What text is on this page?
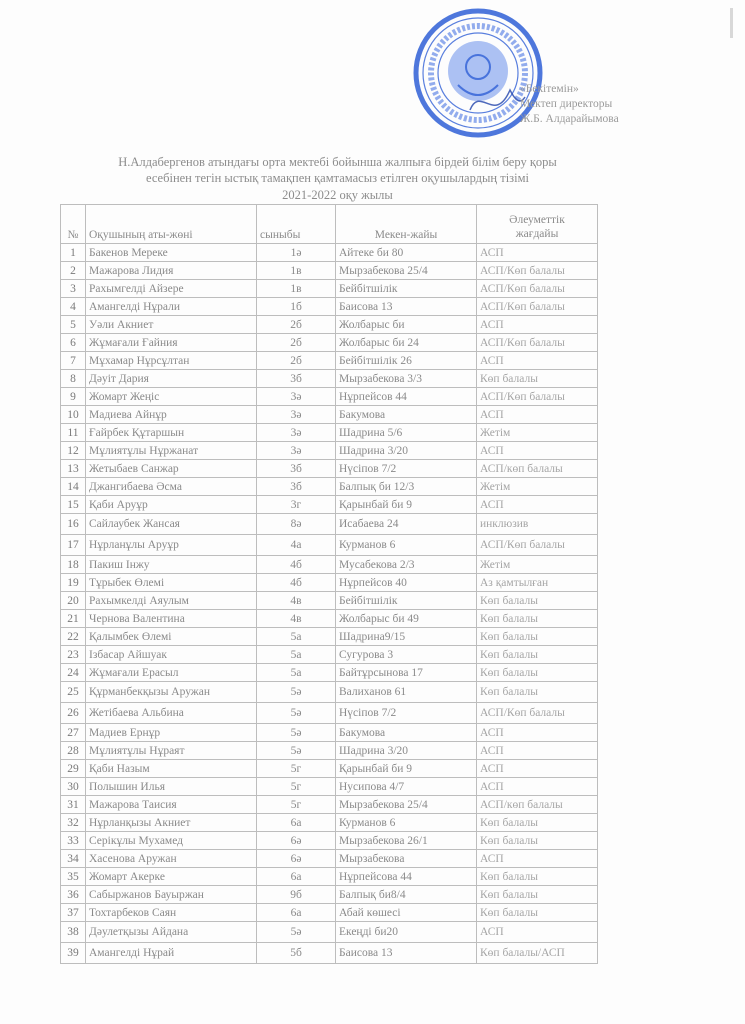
«Бекітемін»
Мектеп директоры
Ж.Б. Алдарайымова
Н.Алдабергенов атындағы орта мектебі бойынша жалпыға бірдей білім беру қоры
есебінен тегін ыстық тамақпен қамтамасыз етілген оқушылардың тізімі
2021-2022 оқу жылы
№	Оқушының аты-жөні	сыныбы	Мекен-жайы	Әлеуметтік
жағдайы

1	Бакенов Мереке	1ә	Айтеке би 80	АСП
2	Мажарова Лидия	1в	Мырзабекова 25/4	АСП/Көп балалы
3	Рахымгелді Айзере	1в	Бейбітшілік	АСП/Көп балалы
4	Амангелді Нұрали	1б	Баисова 13	АСП/Көп балалы
5	Уәли Акниет	2б	Жолбарыс би	АСП
6	Жұмағали Ғайния	2б	Жолбарыс би 24	АСП/Көп балалы
7	Мұхамар Нұрсұлтан	2б	Бейбітшілік 26	АСП
8	Дәуіт Дария	3б	Мырзабекова 3/3	Көп балалы
9	Жомарт Жеңіс	3ә	Нұрпейсов 44	АСП/Көп балалы
10	Мадиева Айнұр	3ә	Бакумова	АСП
11	Ғайрбек Құтаршын	3ә	Шадрина 5/6	Жетім
12	Мұлиятұлы Нұржанат	3ә	Шадрина 3/20	АСП
13	Жетыбаев Санжар	3б	Нүсіпов 7/2	АСП/көп балалы
14	Джангибаева Әсма	3б	Балпық би 12/3	Жетім
15	Қаби Аруұр	3г	Қарынбай би 9	АСП
16	Сайлаубек Жансая	8ә	Исабаева 24	инклюзив
17	Нұрланұлы Аруұр	4а	Курманов 6	АСП/Көп балалы
18	Пакиш Інжу	4б	Мусабекова 2/3	Жетім
19	Тұрыбек Өлемі	4б	Нұрпейсов 40	Аз қамтылған
20	Рахымкелді Аяулым	4в	Бейбітшілік	Көп балалы
21	Чернова Валентина	4в	Жолбарыс би 49	Көп балалы
22	Қалымбек Өлемі	5а	Шадрина9/15	Көп балалы
23	Ізбасар Айшуак	5а	Сугурова 3	Көп балалы
24	Жұмағали Ерасыл	5а	Байтұрсынова 17	Көп балалы
25	Құрманбекқызы Аружан	5ә	Валиханов 61	Көп балалы
26	Жетібаева Альбина	5ә	Нүсіпов 7/2	АСП/Көп балалы
27	Мадиев Ернұр	5ә	Бакумова	АСП
28	Мұлиятұлы Нұраят	5ә	Шадрина 3/20	АСП
29	Қаби Назым	5г	Қарынбай би 9	АСП
30	Полышин Илья	5г	Нусипова 4/7	АСП
31	Мажарова Таисия	5г	Мырзабекова 25/4	АСП/көп балалы
32	Нұрланқызы Акниет	6а	Курманов 6	Көп балалы
33	Серікұлы Мухамед	6ә	Мырзабекова 26/1	Көп балалы
34	Хасенова Аружан	6ә	Мырзабекова	АСП
35	Жомарт Акерке	6а	Нұрпейсова 44	Көп балалы
36	Сабыржанов Бауыржан	9б	Балпық би8/4	Көп балалы
37	Тохтарбеков Саян	6а	Абай көшесі	Көп балалы
38	Дәулетқызы Айдана	5ә	Екеңді би20	АСП
39	Амангелді Нұрай	5б	Баисова 13	Көп балалы/АСП
